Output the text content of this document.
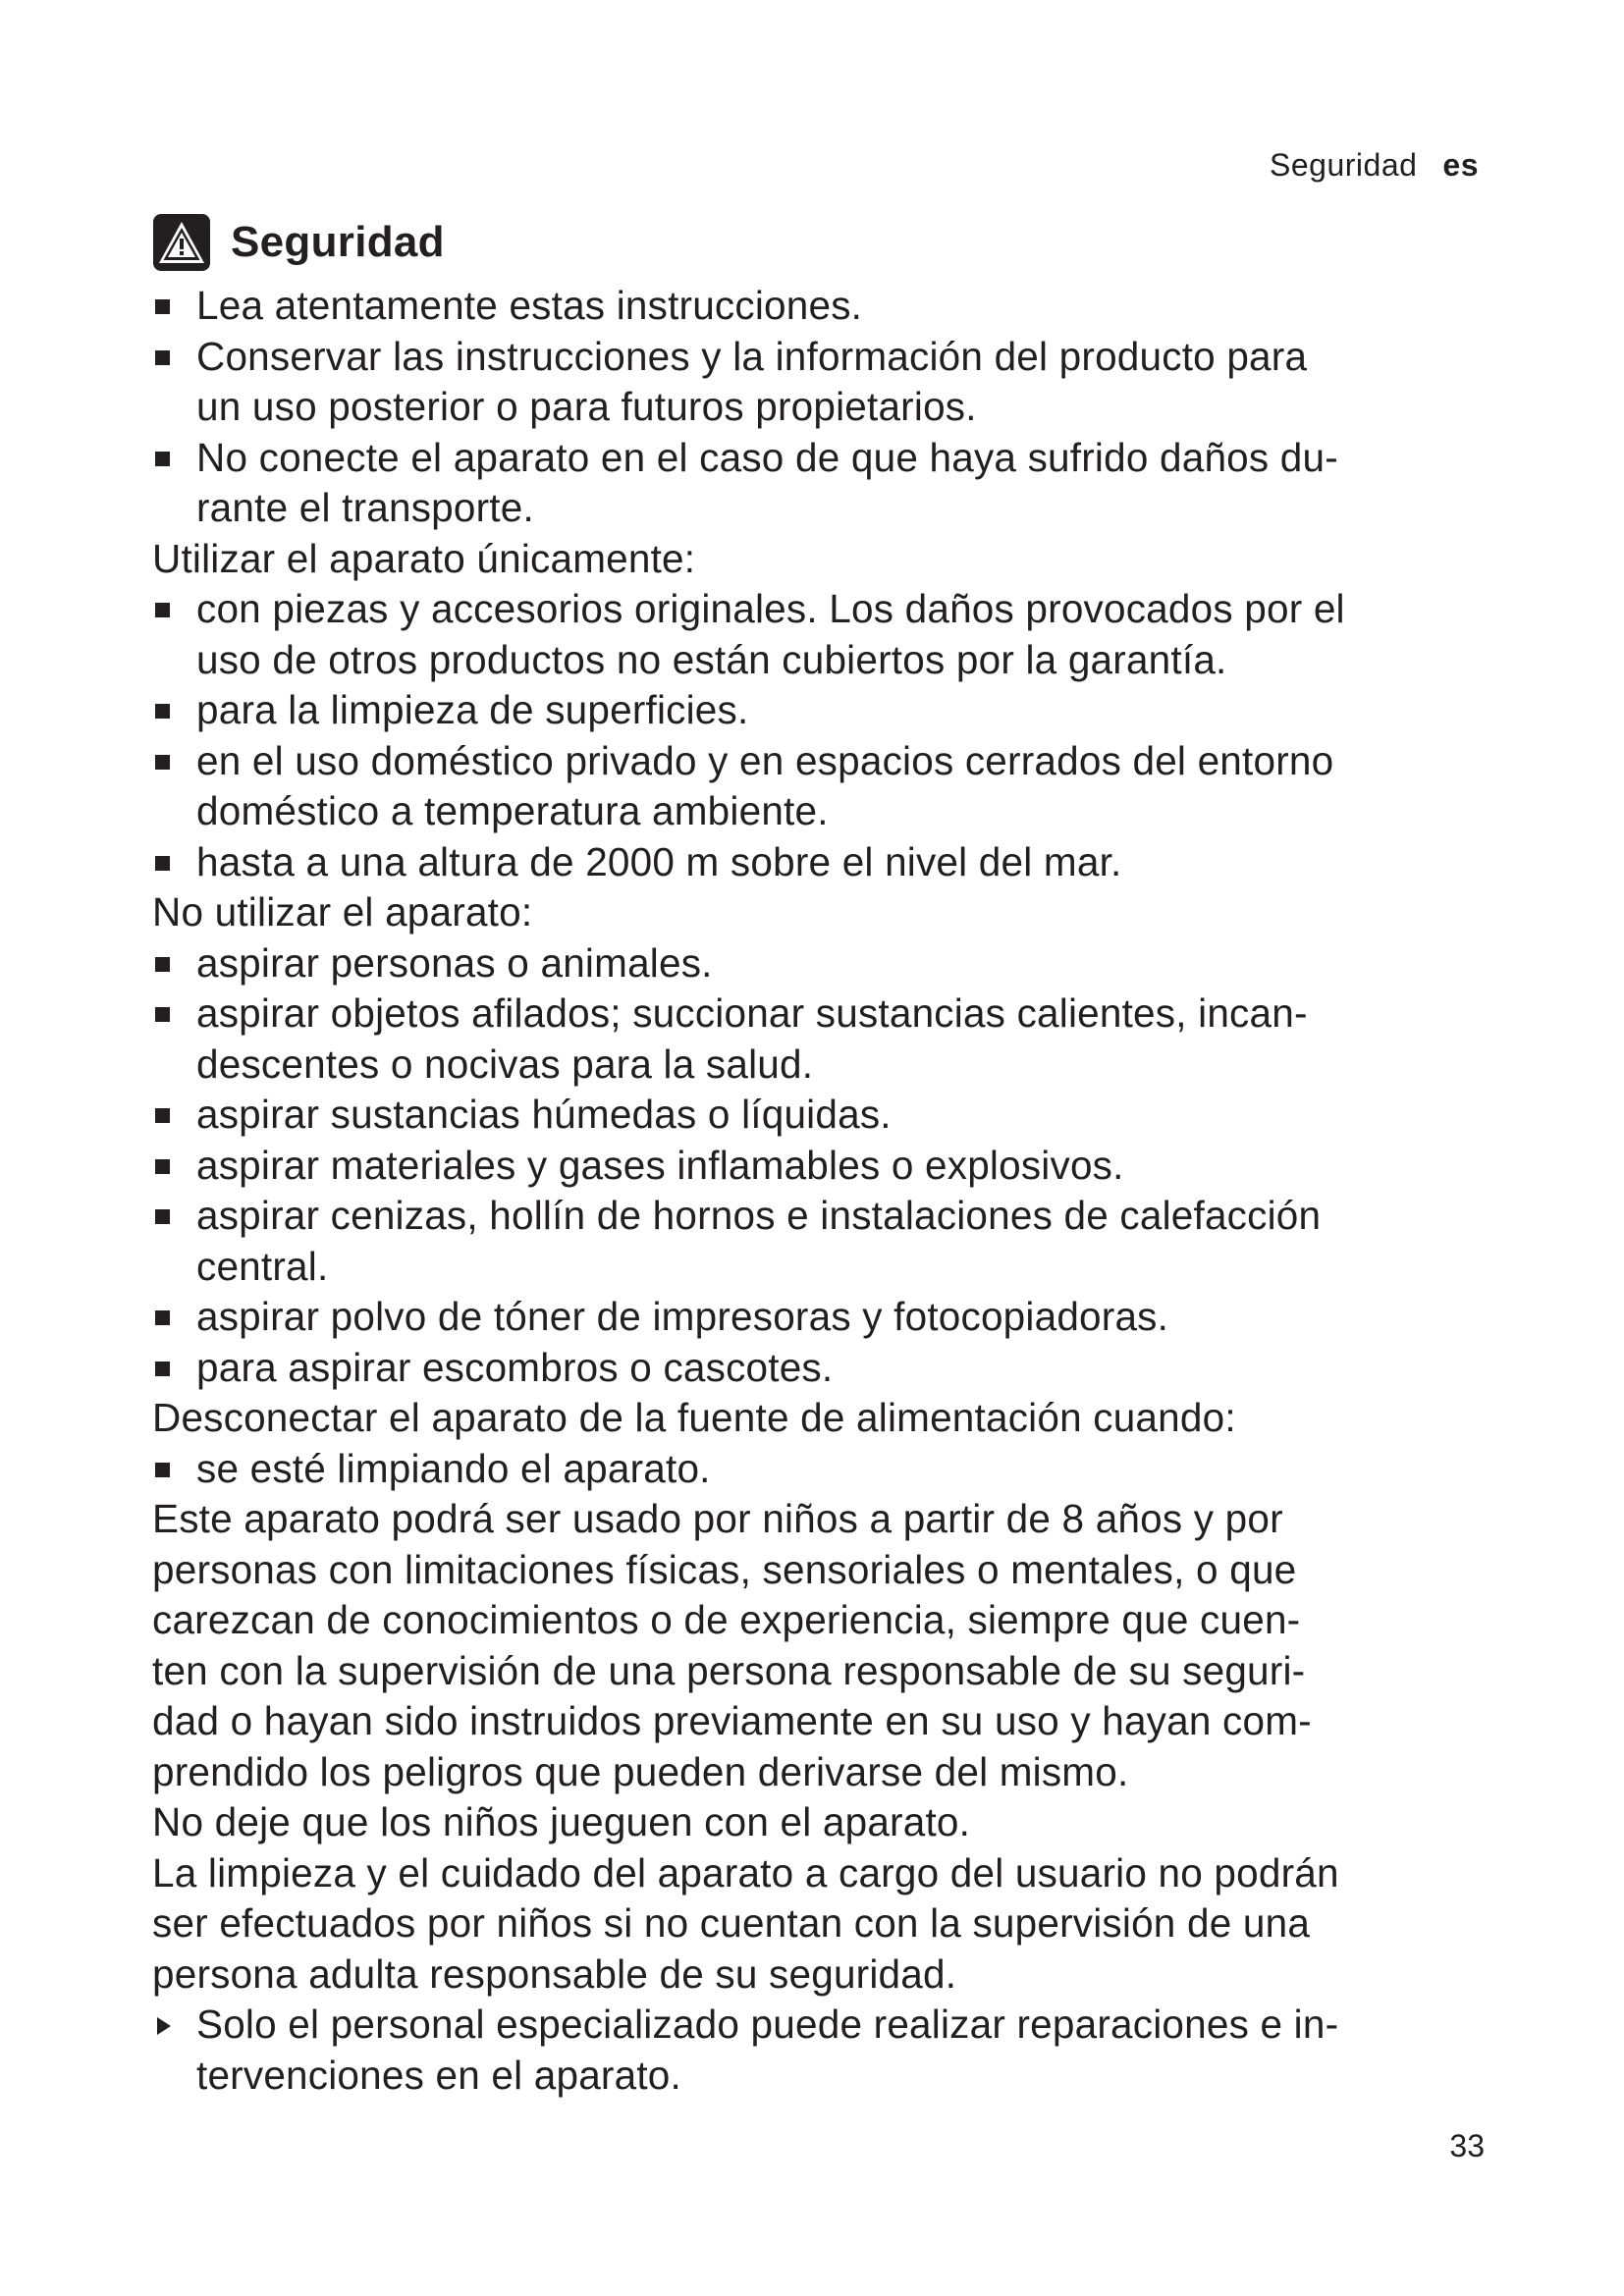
Seguridad es
Seguridad
Lea atentamente estas instrucciones.
Conservar las instrucciones y la información del producto para
un uso posterior o para futuros propietarios.
No conecte el aparato en el caso de que haya sufrido daños du-
rante el transporte.
Utilizar el aparato únicamente:
con piezas y accesorios originales. Los daños provocados por el
uso de otros productos no están cubiertos por la garantía.
para la limpieza de superficies.
en el uso doméstico privado y en espacios cerrados del entorno
doméstico a temperatura ambiente.
hasta a una altura de 2000 m sobre el nivel del mar.
No utilizar el aparato:
aspirar personas o animales.
aspirar objetos afilados; succionar sustancias calientes, incan-
descentes o nocivas para la salud.
aspirar sustancias húmedas o líquidas.
aspirar materiales y gases inflamables o explosivos.
aspirar cenizas, hollín de hornos e instalaciones de calefacción
central.
aspirar polvo de tóner de impresoras y fotocopiadoras.
para aspirar escombros o cascotes.
Desconectar el aparato de la fuente de alimentación cuando:
se esté limpiando el aparato.
Este aparato podrá ser usado por niños a partir de 8 años y por
personas con limitaciones físicas, sensoriales o mentales, o que
carezcan de conocimientos o de experiencia, siempre que cuen-
ten con la supervisión de una persona responsable de su seguri-
dad o hayan sido instruidos previamente en su uso y hayan com-
prendido los peligros que pueden derivarse del mismo.
No deje que los niños jueguen con el aparato.
La limpieza y el cuidado del aparato a cargo del usuario no podrán
ser efectuados por niños si no cuentan con la supervisión de una
persona adulta responsable de su seguridad.
Solo el personal especializado puede realizar reparaciones e in-
tervenciones en el aparato.
33
